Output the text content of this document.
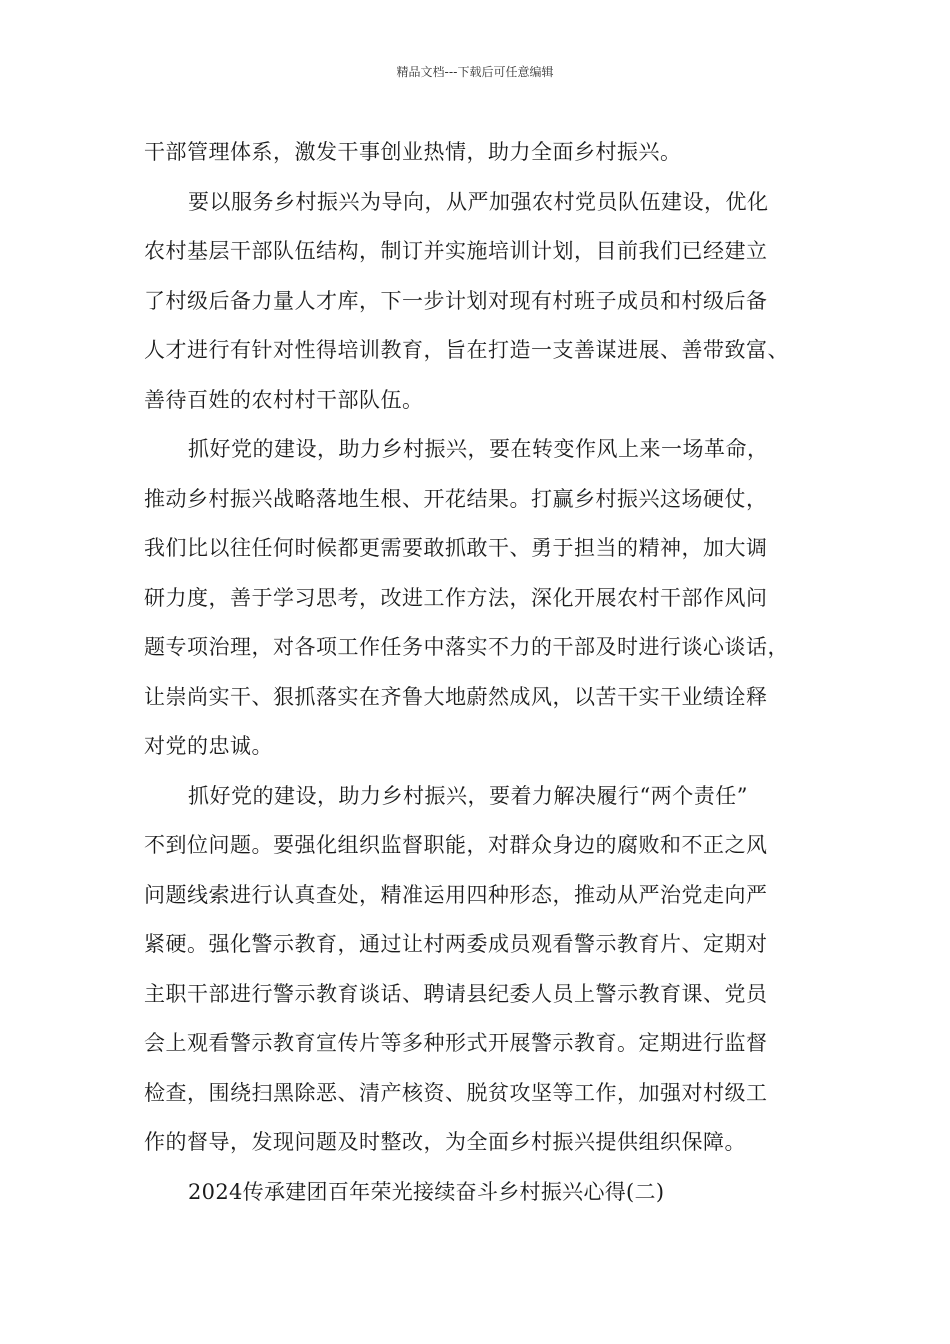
精品文档---下载后可任意编辑

干部管理体系，激发干事创业热情，助力全面乡村振兴。

要以服务乡村振兴为导向，从严加强农村党员队伍建设，优化
农村基层干部队伍结构，制订并实施培训计划，目前我们已经建立
了村级后备力量人才库，下一步计划对现有村班子成员和村级后备
人才进行有针对性得培训教育，旨在打造一支善谋进展、善带致富、
善待百姓的农村村干部队伍。

抓好党的建设，助力乡村振兴，要在转变作风上来一场革命，
推动乡村振兴战略落地生根、开花结果。打赢乡村振兴这场硬仗，
我们比以往任何时候都更需要敢抓敢干、勇于担当的精神，加大调
研力度，善于学习思考，改进工作方法，深化开展农村干部作风问
题专项治理，对各项工作任务中落实不力的干部及时进行谈心谈话，
让崇尚实干、狠抓落实在齐鲁大地蔚然成风，以苦干实干业绩诠释
对党的忠诚。

抓好党的建设，助力乡村振兴，要着力解决履行“两个责任”
不到位问题。要强化组织监督职能，对群众身边的腐败和不正之风
问题线索进行认真查处，精准运用四种形态，推动从严治党走向严
紧硬。强化警示教育，通过让村两委成员观看警示教育片、定期对
主职干部进行警示教育谈话、聘请县纪委人员上警示教育课、党员
会上观看警示教育宣传片等多种形式开展警示教育。定期进行监督
检查，围绕扫黑除恶、清产核资、脱贫攻坚等工作，加强对村级工
作的督导，发现问题及时整改，为全面乡村振兴提供组织保障。

2024传承建团百年荣光接续奋斗乡村振兴心得(二)
